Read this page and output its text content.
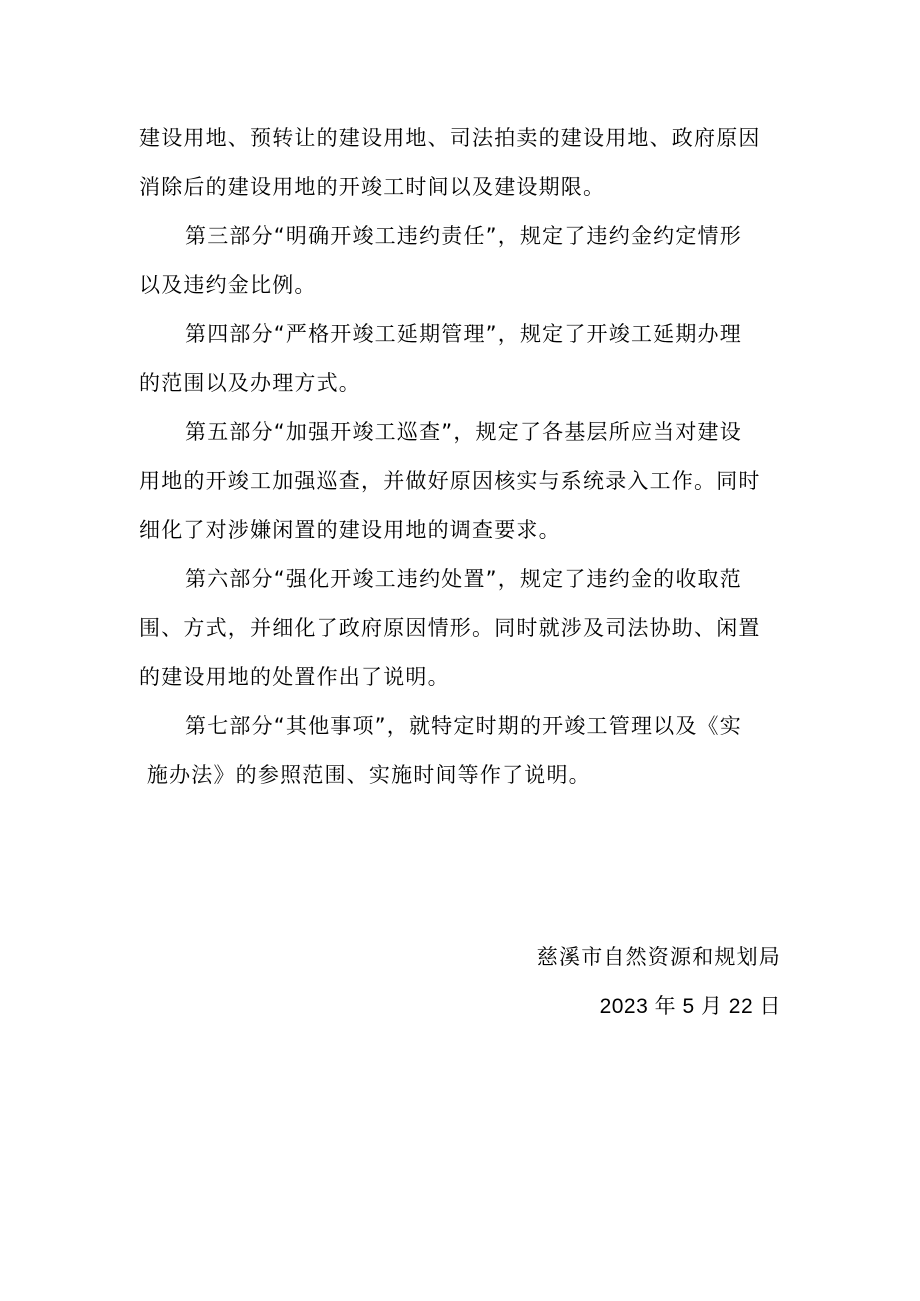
建设用地、预转让的建设用地、司法拍卖的建设用地、政府原因
消除后的建设用地的开竣工时间以及建设期限。
第三部分“明确开竣工违约责任”，规定了违约金约定情形
以及违约金比例。
第四部分“严格开竣工延期管理”，规定了开竣工延期办理
的范围以及办理方式。
第五部分“加强开竣工巡查”，规定了各基层所应当对建设
用地的开竣工加强巡查，并做好原因核实与系统录入工作。同时
细化了对涉嫌闲置的建设用地的调查要求。
第六部分“强化开竣工违约处置”，规定了违约金的收取范
围、方式，并细化了政府原因情形。同时就涉及司法协助、闲置
的建设用地的处置作出了说明。
第七部分“其他事项”，就特定时期的开竣工管理以及《实
施办法》的参照范围、实施时间等作了说明。
慈溪市自然资源和规划局
2023 年 5 月 22 日
